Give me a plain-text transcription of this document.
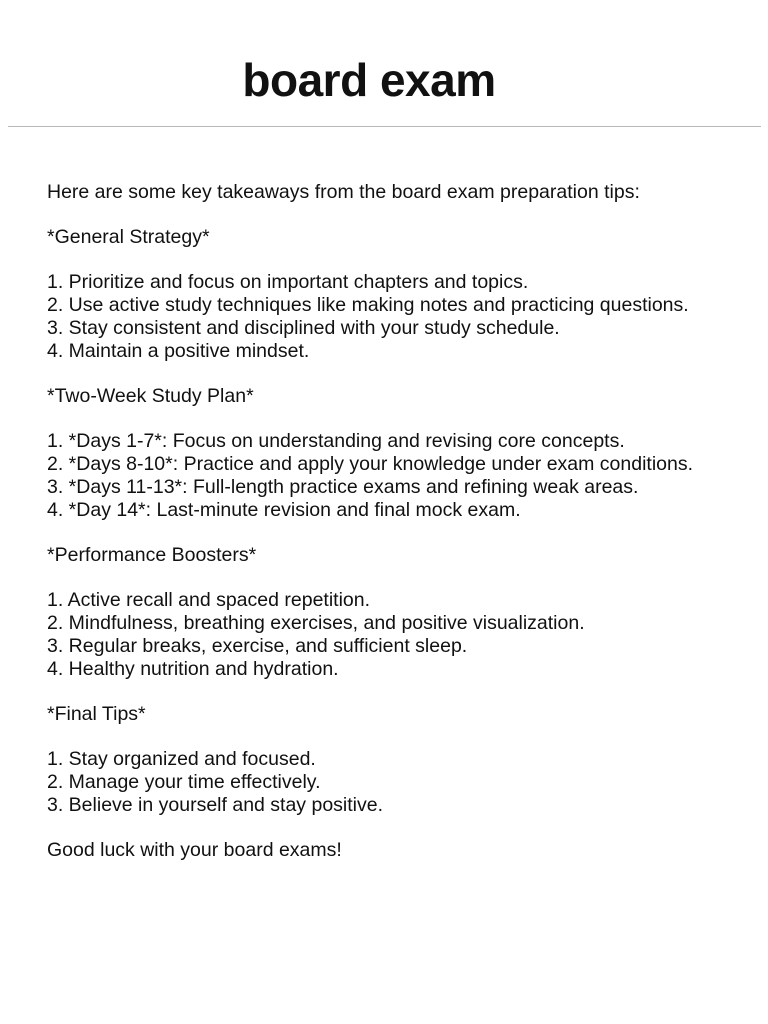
board exam

Here are some key takeaways from the board exam preparation tips:

*General Strategy*

1. Prioritize and focus on important chapters and topics.

2. Use active study techniques like making notes and practicing questions.

3. Stay consistent and disciplined with your study schedule.

4. Maintain a positive mindset.

*Two-Week Study Plan*

1. *Days 1-7*: Focus on understanding and revising core concepts.

2. *Days 8-10*: Practice and apply your knowledge under exam conditions.

3. *Days 11-13*: Full-length practice exams and refining weak areas.

4. *Day 14*: Last-minute revision and final mock exam.

*Performance Boosters*

1. Active recall and spaced repetition.

2. Mindfulness, breathing exercises, and positive visualization.

3. Regular breaks, exercise, and sufficient sleep.

4. Healthy nutrition and hydration.

*Final Tips*

1. Stay organized and focused.

2. Manage your time effectively.

3. Believe in yourself and stay positive.

Good luck with your board exams!
